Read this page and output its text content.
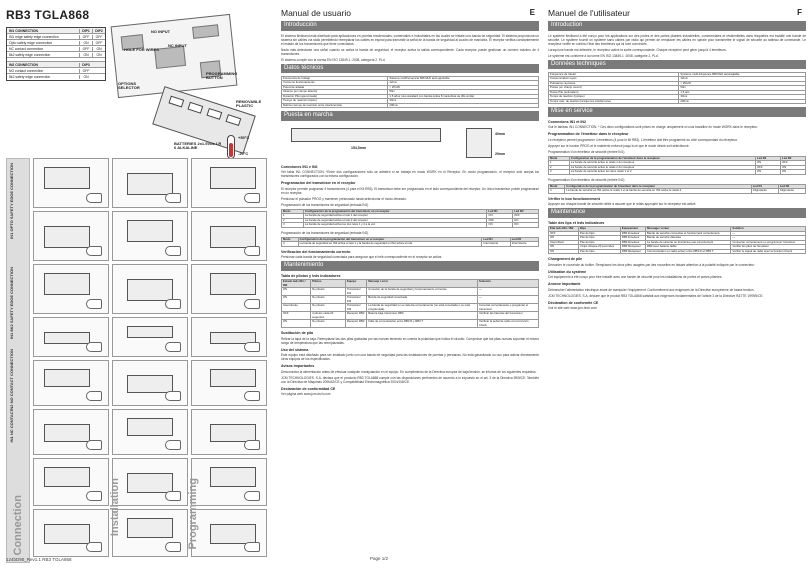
RB3 TGLA868
IN1 CONNECTION	DIP1	DIP2
IN1 edge safety edge connection	OFF	OFF
Opto safety edge connection	ON	OFF
NC contact connection	OFF	ON
8k2 safety edge connection	ON	ON
IN2 CONNECTION	DIP3
NO contact connection	OFF
8k2 safety edge connection	ON
HOLE FOR WIRES
NO INPUT
NC INPUT
PROGRAMMING BUTTON
OPTIONS SELECTOR
REMOVABLE PLASTIC
BATTERIES 2x1.5Vdc LR 6 ALKALINE
+55°C
-20°C
IN1 OPTO SAFETY EDGE CONNECTION
IN1 8K2 SAFETY EDGE CONNECTION
IN2 NO CONTACT CONNECTION
IN1 NC CONTACT
Connection	Installation	Programming
124bD90_Rev1.1 RB3 TGLA868	Page 1/2
Manual de usuario	E
Introducción

El sistema flexiband está diseñado para aplicaciones en puertas residenciales, comerciales e industriales en las cuales se instale una banda de seguridad. El sistema proporciona un sistema sin cables vía radio permitiendo reemplazar los cables en espiral para transmitir la señal de la banda de seguridad al cuadro de maniobra. El receptor verifica constantemente el estado de los transmisores que tiene conectados.

Nada más detectarse una señal cuando se activa la banda de seguridad, el receptor activa la salida correspondiente. Cada receptor puede gestionar un número máximo de 4 transmisores.

El sistema cumple con la norma EN ISO 13849-1 :2008, categoría 2, PLd.

Datos técnicos
Frecuencia de trabajo	Sistema multifrecuencia 868 MHz auto-ajustable
Consumo funcionamiento	12mA
Potencia radiada	< 25mW
Alcance (en campo abierto)	50m
Duración Pila (aproximada)	1,5 años (uso standard con banda óptica 8 maniobras de 30s al día)
Tiempo de reacción (típico)	30ms
Máximo tiempo de reacción entre interferencias	200ms
Puesta en marcha
154,5mm
40mm
20mm
Conexiones IN1 e IN2

Ver tabla IN1 CONNECTION. *Entre dos configuraciones sólo se admiten si se trabaja en modo WORK en el Receptor. En modo programación, el receptor sólo acepta los transmisores configurados con la misma configuración.

Programación del transmisor en el receptor

El receptor permite programar 4 transmisores (4 para el Kit RB3). El transmisor debe ser programado en el lado correspondiente del receptor. Un único transmisor puede programarse en un receptor.

Presionar el pulsador PROG y mantener presionado hasta seleccionar el modo deseado.

Programación de los transmisores de seguridad (entrada IN1)

Modo	Configuración de la programación del transmisor en el receptor	Led R1	Led R2
1	La banda de seguridad activa el relé 1 del receptor	ON	OFF
2	La banda de seguridad activa el relé 2 del receptor	OFF	ON
3	La banda de seguridad activa los dos relés 1 y 2 a la vez	ON	ON

Programación de los transmisores de seguridad (entrada IN2)

Modo	Configuración de la programación del transmisor en el receptor	Led R1	Led R2
4	La banda de seguridad en IN2 activa el relé 1 y la banda de seguridad en IN2 activa el relé	Intermitente	Intermitente
Verificación del funcionamiento correcto

Presionar cada banda de seguridad conectada para asegurar que el relé correspondiente en el receptor se activa.

Mantenimiento
Tabla de pilotos y leds indicadores
Estado leds IN1 / IN2	Pilotos	Equipo	Mensaje / error	Solución
ON	No pilotos	Transmisor IN1	Conexión de la banda de seguridad y funcionamiento correctos	—
ON	No pilotos	Transmisor IN2	Banda de seguridad conectada	—
Intermitente	No pilotos	Transmisor IN3	La banda de seguridad no se detecta correctamente (no está conectada o no está programada)	Conectar correctamente o programar el transmisor
OFF	4 pilotos cada 20 segundos	Receptor RB3	Batería baja transmisor RB3	Verificar las baterías del transmisor
ON	No pilotos	Receptor RB3	Fallo de comunicación entre RB3 R y RB3 T	Verificar la señal de radio con la función Check
Sustitución de pila

Retirar la tapa de la caja. Reemplazar las dos pilas gastadas por las nuevas teniendo en cuenta la polaridad que indica el circuito. Comprobar que las pilas nuevas soportan el mismo rango de temperatura que las reemplazadas.

Uso del sistema

Este equipo está diseñado para ser instalado junto con una banda de seguridad para las instalaciones de puertas y persianas. No está garantizado su uso para activar directamente otros equipos de los especificados.

Avisos importantes

Desconectar la alimentación antes de efectuar cualquier manipulación en el equipo. En cumplimiento de la Directiva europea de baja tensión, se informa de los siguientes requisitos.

JCM TECHNOLOGIES, S.A. declara que el producto RB3 TGLA868 cumple con las disposiciones pertinentes de acuerdo a lo expuesto en el art. 3 de la Directiva 99/5/CE. También con la Directiva de Máquinas 2006/42/CE y Compatibilidad Electromagnética 2004/108/CE.

Declaración de conformidad CE

Ver página web www.jcm-tech.com

Manuel de l'utilisateur	F
Introduction

Le système flexiband a été conçu pour les applications sur des portes et des portes pliantes industrielles, commerciales et résidentielles dans lesquelles est installé une bande de sécurité. Le système fournit un système sans câbles par radio qui permet de remplacer les câbles en spirale pour transmettre le signal de sécurité au tableau de commande. Le récepteur vérifie en continu l'état des émetteurs qui lui sont connectés.

Lorsqu'une bande est détectée, le récepteur active la sortie correspondante. Chaque récepteur peut gérer jusqu'à 4 émetteurs.

Le système est conforme à la norme EN ISO 13849-1 :2008, catégorie 2, PLd.

Données techniques
Fréquence de travail	Système multi-fréquence 868 MHz autoréglable
Consommation repos	12mA
Puissance rayonnée	< 25mW
Portée (en champ ouvert)	50m
Durée Pile (estimation)	1,5 ans
Temps de réaction (typique)	30ms
Temps max. de réaction lorsque les interférences	200ms
Mise en service
Connexions IN1 et IN2

Voir le tableau IN1 CONNECTION. * Ces deux configurations sont prises en charge uniquement si vous travaillez en mode WORK dans le récepteur.

Programmation de l'émetteur dans le récepteur

Le récepteur permet programmer 4 émetteurs (4 pour le kit RB3). L'émetteur doit être programmé du côté correspondant du récepteur.

Appuyer sur le bouton PROG et le maintenir enfoncé jusqu'à ce que le mode désiré soit sélectionné.

Programmation d'un émetteur de sécurité (entrée IN1)

Mode	Configuration de la programmation de l'émetteur dans le récepteur	Led R1	Led R2
1	La bande de sécurité active le relais 1 du récepteur	ON	OFF
2	La bande de sécurité active le relais 2 du récepteur	OFF	ON
3	La bande de sécurité active les deux relais 1 et 2	ON	ON

Programmation d'un émetteur de sécurité (entrée IN2)

Mode	Configuration de la programmation de l'émetteur dans le récepteur	Led R1	Led R2
4	La bande de sécurité en IN1 active le relais 1 et la bande de sécurité en IN2 active le relais 2	Clignotante	Clignotante
Vérifier le bon fonctionnement

Appuyer sur chaque bande de sécurité reliée à assurer que le relais approprié sur le récepteur est activé.

Maintenance
Table des tips et leds indicateurs
État leds IN1 / IN2	Bips	Équipement	Message / erreur	Solution
OFF	Pas de bips	RB3 Émetteur	Bande de sécurité connectée et fonctionnant correctement	—
ON	Pas de bips	RB3 Émetteur	Bande de sécurité détectée	—
Intermittent	Pas de bips	RB3 Émetteur	La bande de sécurité ne fonctionne pas correctement	Connecter correctement ou programmer l'émetteur
ON	4 bips chaque 20 secondes	RB3 Récepteur	RB3 avec batterie faible	Vérifier les piles de l'émetteur
ON	Pas de bips	RB3 Récepteur	Communication en radio échec entre RB3 R et RB3 T	Vérifier le signal de radio avec la fonction Check
Changement de pile

Démonter le couvercle du boîtier. Remplacez les deux piles usagées par des nouvelles en faisant attention à la polarité indiquée par le connecteur.

Utilisation du système

Cet équipement a été conçu pour être installé avec une bande de sécurité pour les installations de portes et portes pliantes.

Annexe importante

Débrancher l'alimentation électrique avant de manipuler l'équipement. Conformément aux exigences de la Directive européenne de basse tension.

JCM TECHNOLOGIES, S.A. déclare que le produit RB3 TGLA868 satisfait aux exigences fondamentales de l'article 3 de la Directive R&TTE 1999/5/CE.

Déclaration de conformité CE

Voir le site web www.jcm-tech.com
